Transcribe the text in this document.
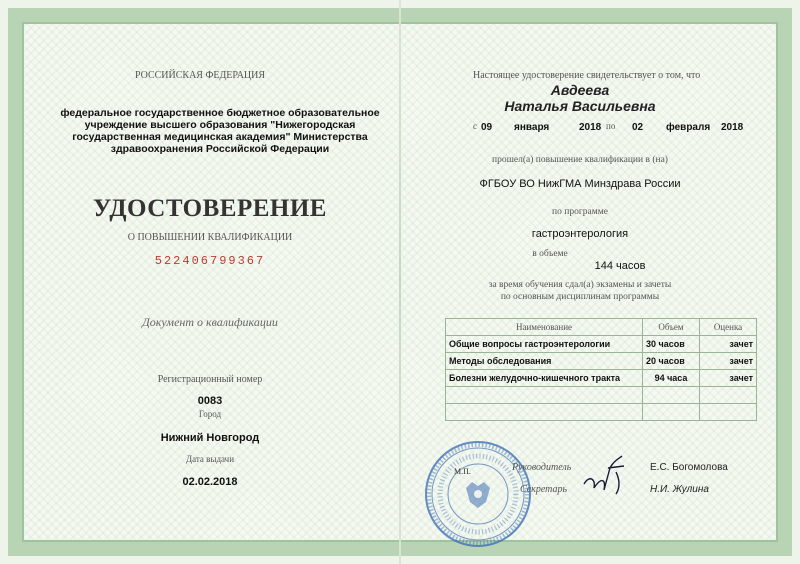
РОССИЙСКАЯ ФЕДЕРАЦИЯ
федеральное государственное бюджетное образовательное
учреждение высшего образования "Нижегородская
государственная медицинская академия" Министерства
здравоохранения Российской Федерации
УДОСТОВЕРЕНИЕ
О ПОВЫШЕНИИ КВАЛИФИКАЦИИ
522406799367
Документ о квалификации
Регистрационный номер
0083
Город
Нижний Новгород
Дата выдачи
02.02.2018
Настоящее удостоверение свидетельствует о том, что
Авдеева
Наталья Васильевна
с 09 января	2018 по 02 февраля 2018
прошел(а) повышение квалификации в (на)
ФГБОУ ВО НижГМА Минздрава России
по программе
гастроэнтерология
в объеме
144 часов
за время обучения сдал(а) экзамены и зачеты
по основным дисциплинам программы
Наименование	Объем	Оценка
Общие вопросы гастроэнтерологии	30 часов	зачет
Методы обследования	20 часов	зачет
Болезни желудочно-кишечного тракта	94 часа	зачет

М.П.	Руководитель
Секретарь
Е.С. Богомолова
Н.И. Жулина
